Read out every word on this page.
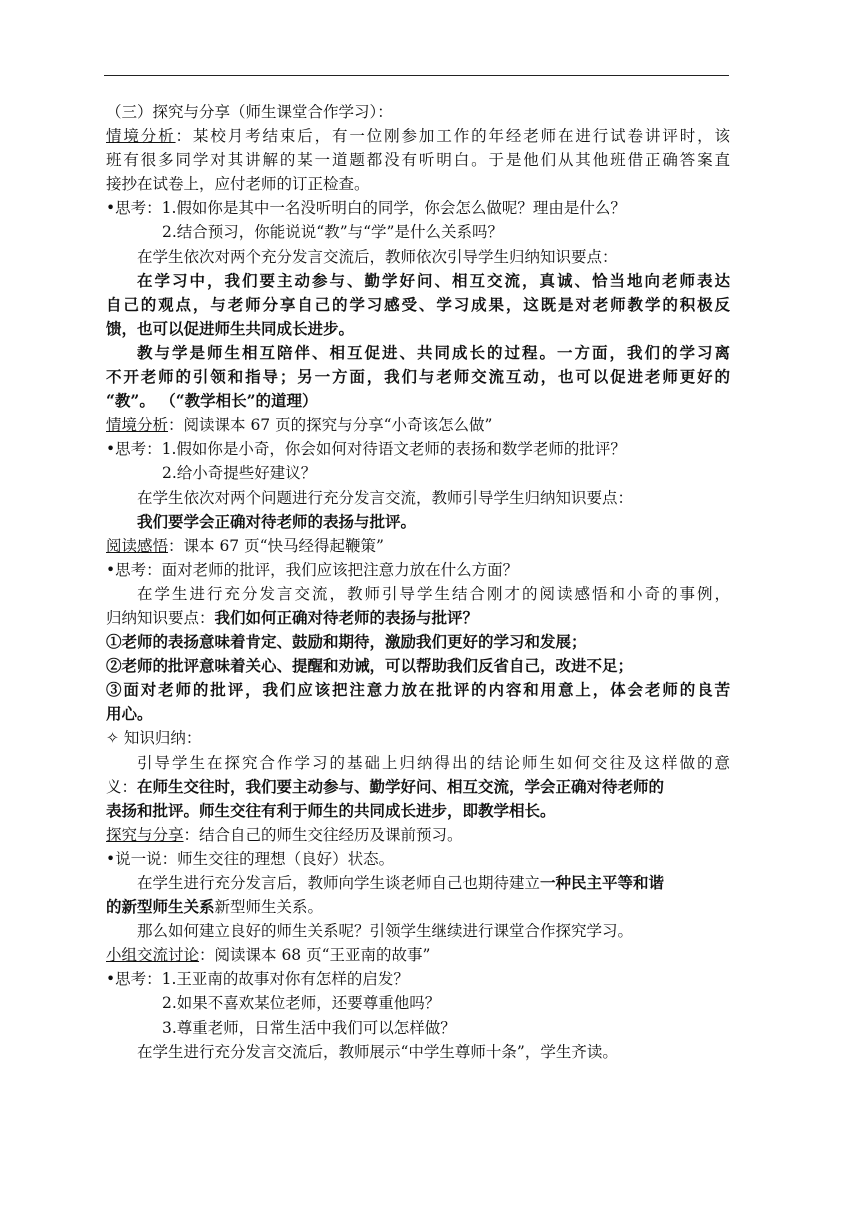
（三）探究与分享（师生课堂合作学习）：
情境分析：某校月考结束后，有一位刚参加工作的年经老师在进行试卷讲评时，该
班有很多同学对其讲解的某一道题都没有听明白。于是他们从其他班借正确答案直
接抄在试卷上，应付老师的订正检查。
•思考：1.假如你是其中一名没听明白的同学，你会怎么做呢？理由是什么？
2.结合预习，你能说说“教”与“学”是什么关系吗？
在学生依次对两个充分发言交流后，教师依次引导学生归纳知识要点：
在学习中，我们要主动参与、勤学好问、相互交流，真诚、恰当地向老师表达
自己的观点，与老师分享自己的学习感受、学习成果，这既是对老师教学的积极反
馈，也可以促进师生共同成长进步。
教与学是师生相互陪伴、相互促进、共同成长的过程。一方面，我们的学习离
不开老师的引领和指导；另一方面，我们与老师交流互动，也可以促进老师更好的
“教”。 （“教学相长”的道理）
情境分析：阅读课本 67 页的探究与分享“小奇该怎么做”
•思考：1.假如你是小奇，你会如何对待语文老师的表扬和数学老师的批评？
2.给小奇提些好建议？
在学生依次对两个问题进行充分发言交流，教师引导学生归纳知识要点：
我们要学会正确对待老师的表扬与批评。
阅读感悟：课本 67 页“快马经得起鞭策”
•思考：面对老师的批评，我们应该把注意力放在什么方面？
在学生进行充分发言交流，教师引导学生结合刚才的阅读感悟和小奇的事例，
归纳知识要点：我们如何正确对待老师的表扬与批评？
①老师的表扬意味着肯定、鼓励和期待，激励我们更好的学习和发展；
②老师的批评意味着关心、提醒和劝诫，可以帮助我们反省自己，改进不足；
③面对老师的批评，我们应该把注意力放在批评的内容和用意上，体会老师的良苦
用心。
✧ 知识归纳：
引导学生在探究合作学习的基础上归纳得出的结论师生如何交往及这样做的意
义：在师生交往时，我们要主动参与、勤学好问、相互交流，学会正确对待老师的
表扬和批评。师生交往有利于师生的共同成长进步，即教学相长。
探究与分享：结合自己的师生交往经历及课前预习。
•说一说：师生交往的理想（良好）状态。
在学生进行充分发言后，教师向学生谈老师自己也期待建立一种民主平等和谐
的新型师生关系新型师生关系。
那么如何建立良好的师生关系呢？引领学生继续进行课堂合作探究学习。
小组交流讨论：阅读课本 68 页“王亚南的故事”
•思考：1.王亚南的故事对你有怎样的启发？
2.如果不喜欢某位老师，还要尊重他吗？
3.尊重老师，日常生活中我们可以怎样做？
在学生进行充分发言交流后，教师展示“中学生尊师十条”，学生齐读。
